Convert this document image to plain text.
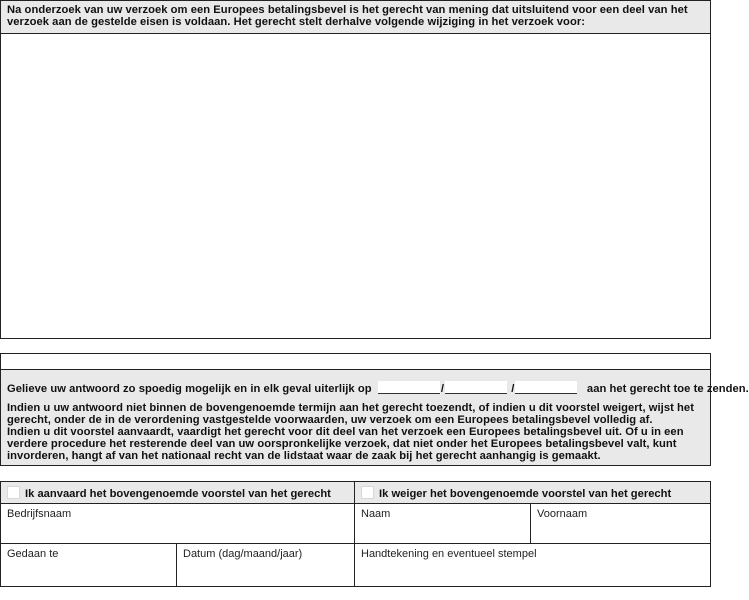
Na onderzoek van uw verzoek om een Europees betalingsbevel is het gerecht van mening dat uitsluitend voor een deel van het verzoek aan de gestelde eisen is voldaan. Het gerecht stelt derhalve volgende wijziging in het verzoek voor:
Gelieve uw antwoord zo spoedig mogelijk en in elk geval uiterlijk op	/	/	aan het gerecht toe te zenden.
Indien u uw antwoord niet binnen de bovengenoemde termijn aan het gerecht toezendt, of indien u dit voorstel weigert, wijst het gerecht, onder de in de verordening vastgestelde voorwaarden, uw verzoek om een Europees betalingsbevel volledig af.
Indien u dit voorstel aanvaardt, vaardigt het gerecht voor dit deel van het verzoek een Europees betalingsbevel uit. Of u in een verdere procedure het resterende deel van uw oorspronkelijke verzoek, dat niet onder het Europees betalingsbevel valt, kunt invorderen, hangt af van het nationaal recht van de lidstaat waar de zaak bij het gerecht aanhangig is gemaakt.
Ik aanvaard het bovengenoemde voorstel van het gerecht	Ik weiger het bovengenoemde voorstel van het gerecht
Bedrijfsnaam	Naam	Voornaam
Gedaan te	Datum (dag/maand/jaar)	Handtekening en eventueel stempel
